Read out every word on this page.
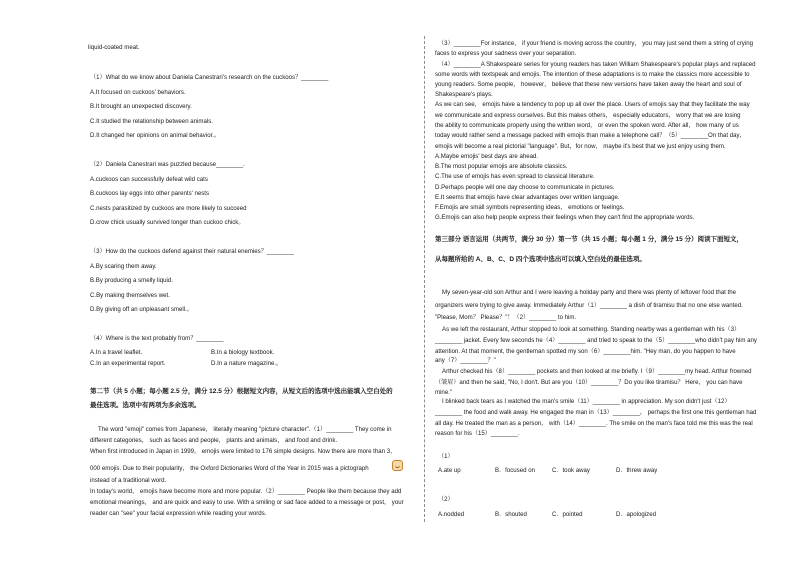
liquid-coated meat.
（1）What do we know about Daniela Canestrari's research on the cuckoos？________
A.It focused on cuckoos' behaviors.
B.It brought an unexpected discovery.
C.It studied the relationship between animals.
D.It changed her opinions on animal behavior.。
（2）Daniela Canestrari was puzzled because________.
A.cuckoos can successfully defeat wild cats
B.cuckoos lay eggs into other parents' nests
C.nests parasitized by cuckoos are more likely to succeed
D.crow chick usually survived longer than cuckoo chick。
（3）How do the cuckoos defend against their natural enemies？________
A.By scaring them away.
B.By producing a smelly liquid.
C.By making themselves wet.
D.By giving off an unpleasant smell.。
（4）Where is the text probably from？________
A.In a travel leaflet.	B.In a biology textbook.
C.In an experimental report.	D.In a nature magazine.。
第二节（共 5 小题；每小题 2.5 分，满分 12.5 分）根据短文内容，从短文后的选项中选出能填入空白处的
最佳选项。选项中有两项为多余选项。
The word "emoji" comes from Japanese， literally meaning "picture character".（1）________ They come in
different categories， such as faces and people， plants and animals， and food and drink.
When first introduced in Japan in 1999， emojis were limited to 176 simple designs. Now there are more than 3，
000 emojis. Due to their popularity， the Oxford Dictionaries Word of the Year in 2015 was a pictograph
instead of a traditional word.
In today's world， emojis have become more and more popular.（2）________ People like them because they add
emotional meanings， and are quick and easy to use. With a smiling or sad face added to a message or post， your
reader can "see" your facial expression while reading your words.
（3）________For instance， if your friend is moving across the country， you may just send them a string of crying
faces to express your sadness over your separation.
（4）________A Shakespeare series for young readers has taken William Shakespeare's popular plays and replaced
some words with textspeak and emojis. The intention of these adaptations is to make the classics more accessible to
young readers. Some people， however， believe that these new versions have taken away the heart and soul of
Shakespeare's plays.
As we can see， emojis have a tendency to pop up all over the place. Users of emojis say that they facilitate the way
we communicate and express ourselves. But this makes others， especially educators， worry that we are losing
the ability to communicate properly using the written word， or even the spoken word. After all， how many of us
today would rather send a message packed with emojis than make a telephone call？（5）________On that day，
emojis will become a real pictorial "language". But，for now， maybe it's best that we just enjoy using them.
A.Maybe emojis' best days are ahead.
B.The most popular emojis are absolute classics.
C.The use of emojis has even spread to classical literature.
D.Perhaps people will one day choose to communicate in pictures.
E.It seems that emojis have clear advantages over written language.
F.Emojis are small symbols representing ideas， emotions or feelings.
G.Emojis can also help people express their feelings when they can't find the appropriate words.
第三部分 语言运用（共两节，满分 30 分）第一节（共 15 小题；每小题 1 分，满分 15 分）阅读下面短文，
从每题所给的 A、B、C、D 四个选项中选出可以填入空白处的最佳选项。
My seven-year-old son Arthur and I were leaving a holiday party and there was plenty of leftover food that the
organizers were trying to give away. Immediately Arthur（1）________ a dish of tiramisu that no one else wanted.
"Please, Mom？ Please？"！（2）________ to him.
As we left the restaurant, Arthur stopped to look at something. Standing nearby was a gentleman with his（3）
________ jacket. Every few seconds he（4）________ and tried to speak to the（5）________who didn't pay him any
attention. At that moment, the gentleman spotted my son（6）________him. "Hey man, do you happen to have
any（7）________？"
Arthur checked his（8）________ pockets and then looked at me briefly. I（9）________my head. Arthur frowned
（皱眉）and then he said, "No, I don't. But are you（10）________？Do you like tiramisu？ Here， you can have
mine."
I blinked back tears as I watched the man's smile（11）________ in appreciation. My son didn't just（12）
________ the food and walk away. He engaged the man in（13）________， perhaps the first one this gentleman had
all day. He treated the man as a person， with（14）________. The smile on the man's face told me this was the real
reason for his（15）________.
（1）
A.ate up	B．focused on	C．took away	D．threw away
（2）
A.nodded	B．shouted	C．pointed	D．apologized
